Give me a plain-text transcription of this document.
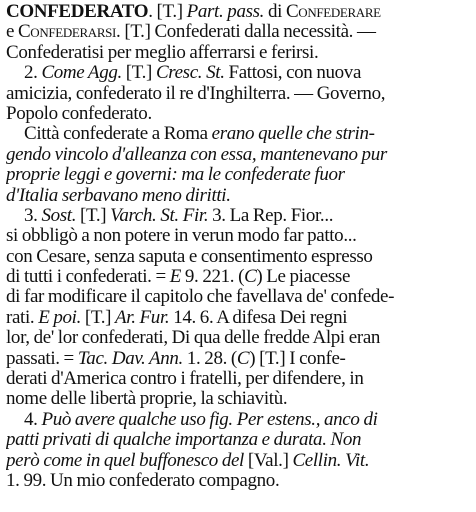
CONFEDERATO. [T.] Part. pass. di Confederare
e Confederarsi. [T.] Confederati dalla necessità. —
Confederatisi per meglio afferrarsi e ferirsi.
2. Come Agg. [T.] Cresc. St. Fattosi, con nuova
amicizia, confederato il re d'Inghilterra. — Governo,
Popolo confederato.
Città confederate a Roma erano quelle che strin-
gendo vincolo d'alleanza con essa, mantenevano pur
proprie leggi e governi: ma le confederate fuor
d'Italia serbavano meno diritti.
3. Sost. [T.] Varch. St. Fir. 3. La Rep. Fior...
si obbligò a non potere in verun modo far patto...
con Cesare, senza saputa e consentimento espresso
di tutti i confederati. = E 9. 221. (C) Le piacesse
di far modificare il capitolo che favellava de' confede-
rati. E poi. [T.] Ar. Fur. 14. 6. A difesa Dei regni
lor, de' lor confederati, Di qua delle fredde Alpi eran
passati. = Tac. Dav. Ann. 1. 28. (C) [T.] I confe-
derati d'America contro i fratelli, per difendere, in
nome delle libertà proprie, la schiavitù.
4. Può avere qualche uso fig. Per estens., anco di
patti privati di qualche importanza e durata. Non
però come in quel buffonesco del [Val.] Cellin. Vit.
1. 99. Un mio confederato compagno.
